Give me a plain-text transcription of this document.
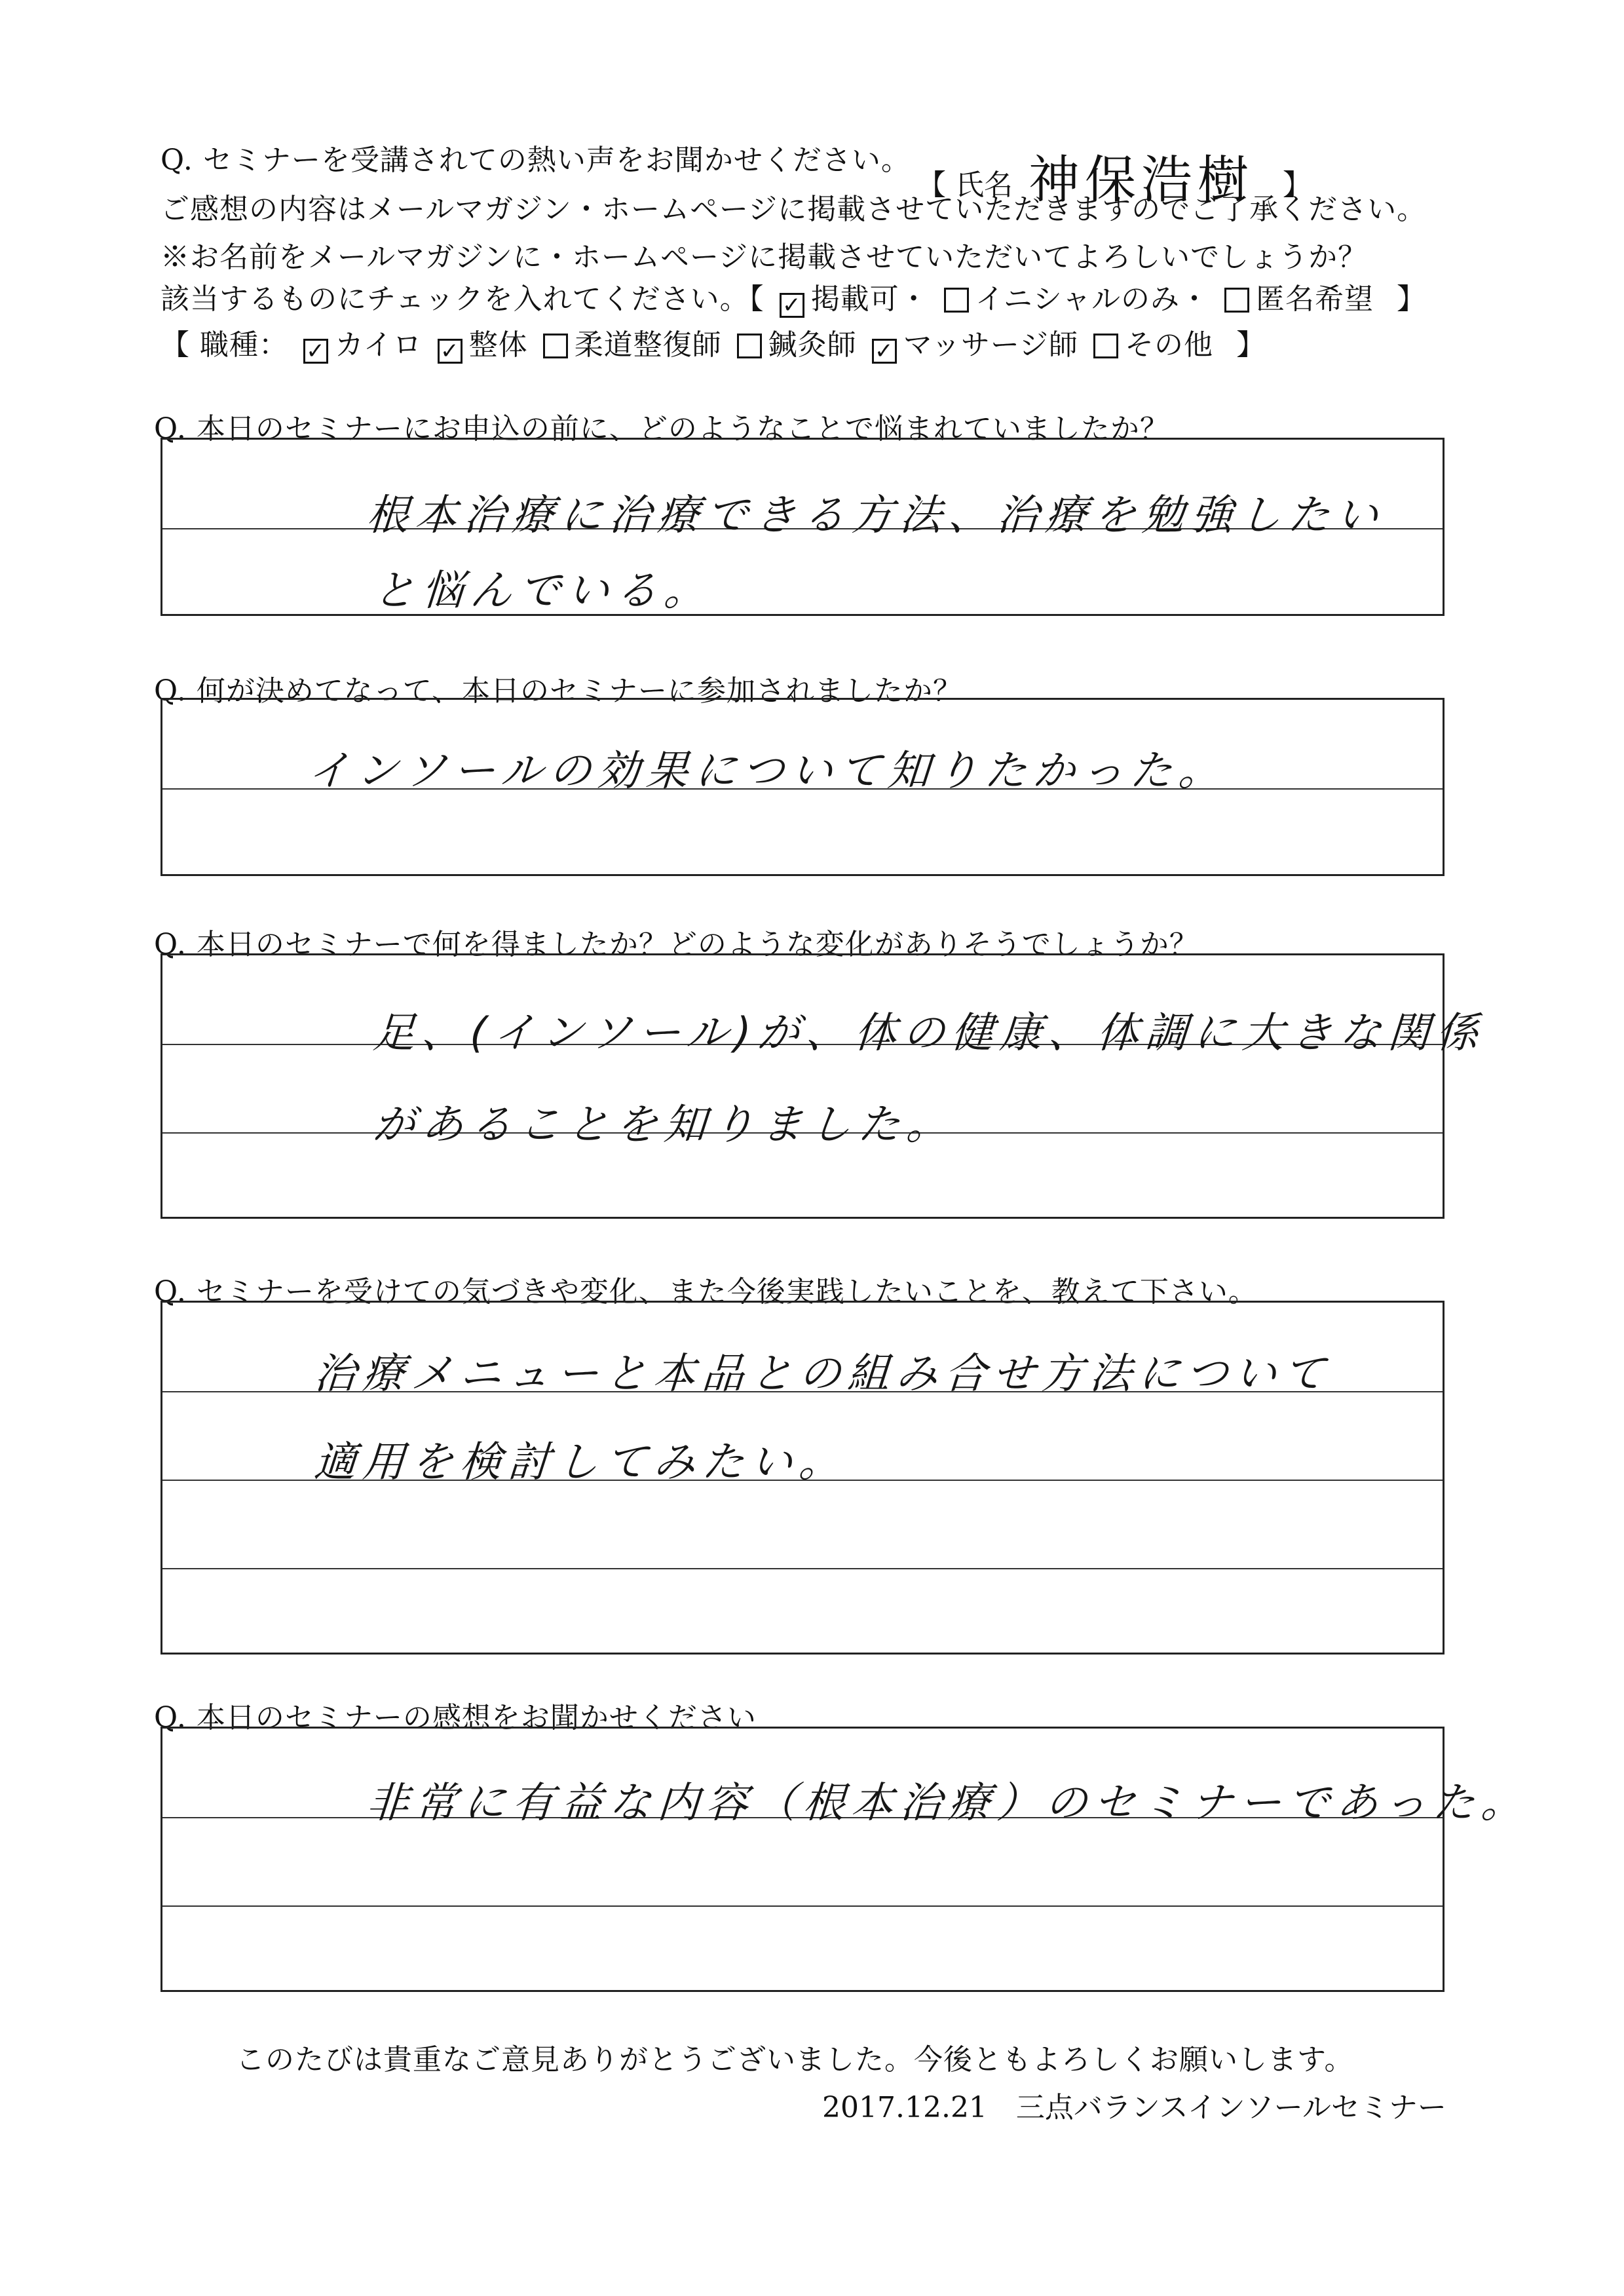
Q. セミナーを受講されての熱い声をお聞かせください。
【 氏名 神保浩樹 】
ご感想の内容はメールマガジン・ホームページに掲載させていただきますのでご了承ください。
※お名前をメールマガジンに・ホームページに掲載させていただいてよろしいでしょうか？
該当するものにチェックを入れてください。【 ✓ 掲載可・ イニシャルのみ・ 匿名希望 】
【 職種： ✓ カイロ ✓ 整体 柔道整復師 鍼灸師 ✓ マッサージ師 その他 】
Q. 本日のセミナーにお申込の前に、どのようなことで悩まれていましたか？
根本治療に治療できる方法、治療を勉強したい
と悩んでいる。
Q. 何が決めてなって、本日のセミナーに参加されましたか？
インソールの効果について知りたかった。
Q. 本日のセミナーで何を得ましたか？どのような変化がありそうでしょうか？
足、(インソール)が、体の健康、体調に大きな関係
があることを知りました。
Q. セミナーを受けての気づきや変化、また今後実践したいことを、教えて下さい。
治療メニューと本品との組み合せ方法について
適用を検討してみたい。
Q. 本日のセミナーの感想をお聞かせください
非常に有益な内容（根本治療）のセミナーであった。
このたびは貴重なご意見ありがとうございました。今後ともよろしくお願いします。
2017.12.21　三点バランスインソールセミナー
